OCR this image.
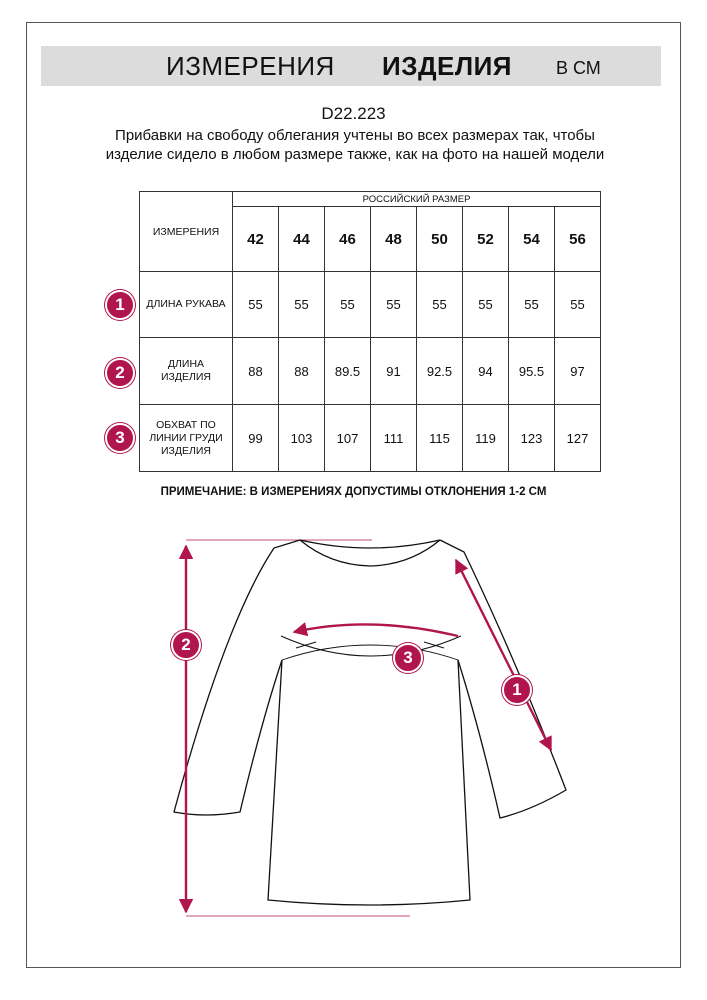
ИЗМЕРЕНИЯ ИЗДЕЛИЯ В СМ
D22.223
Прибавки на свободу облегания учтены во всех размерах так, чтобы изделие сидело в любом размере также, как на фото на нашей модели
ИЗМЕРЕНИЯ	РОССИЙСКИЙ РАЗМЕР							
	42	44	46	48	50	52	54	56
ДЛИНА РУКАВА	55	55	55	55	55	55	55	55

ДЛИНА ИЗДЕЛИЯ	88	88	89.5	91	92.5	94	95.5	97

ОБХВАТ ПО ЛИНИИ ГРУДИ ИЗДЕЛИЯ	99	103	107	111	115	119	123	127
1
2
3
ПРИМЕЧАНИЕ: В ИЗМЕРЕНИЯХ ДОПУСТИМЫ ОТКЛОНЕНИЯ 1-2 СМ
1
2
3
